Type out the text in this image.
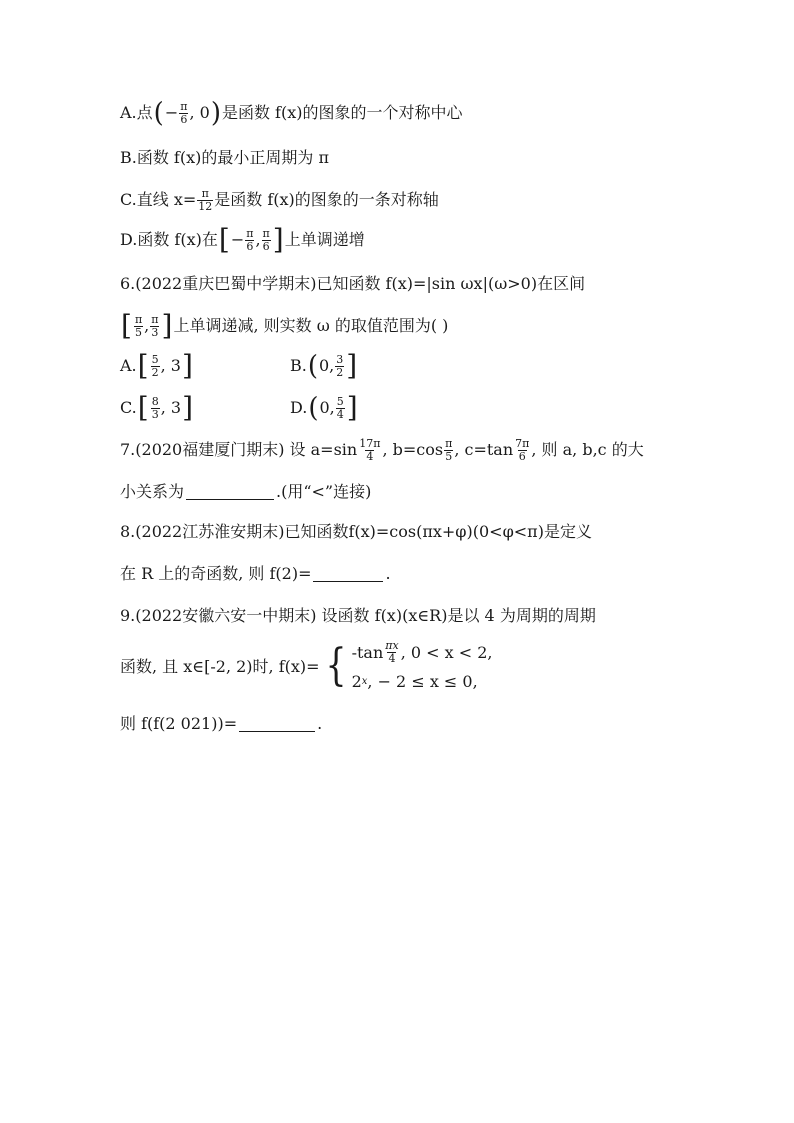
A.点 ( − $\frac{\pi}{6}$ , 0 ) 是函数 f(x)的图象的一个对称中心
B.函数 f(x)的最小正周期为 π
C.直线 $x= \frac{\pi}{12}$ 是函数 f(x)的图象的一条对称轴
D.函数 f(x)在 [ − $\frac{\pi}{6}$ , $\frac{\pi}{6}$ ] 上单调递增
6.(2022重庆巴蜀中学期末)已知函数 f(x)=|sin ωx|(ω>0)在区间
[ $\frac{\pi}{5}$ , $\frac{\pi}{3}$ ] 上单调递减, 则实数 ω 的取值范围为( )
A. [ $\frac{5}{2}$ , 3 ]	B. ( 0, $\frac{3}{2}$ ]
C. [ $\frac{8}{3}$ , 3 ]	D. ( 0, $\frac{5}{4}$ ]
7.(2020福建厦门期末) 设 $a=\sin \frac{17\pi}{4}$ , $b=\cos \frac{\pi}{5}$ , $c=\tan \frac{7\pi}{6}$ , 则 a, b,c 的大
小关系为	.(用“<”连接)
8.(2022江苏淮安期末)已知函数f(x)=cos(πx+φ)(0<φ<π)是定义
在 R 上的奇函数, 则 f(2)=	.
9.(2022安徽六安一中期末) 设函数 f(x)(x∈R)是以 4 为周期的周期
函数, 且 x∈[-2, 2)时, f(x)= { $-\tan \frac{\pi x}{4}$ , 0 < x < 2,
2 x , − 2 ≤ x ≤ 0,
则 f(f(2 021))=	.
